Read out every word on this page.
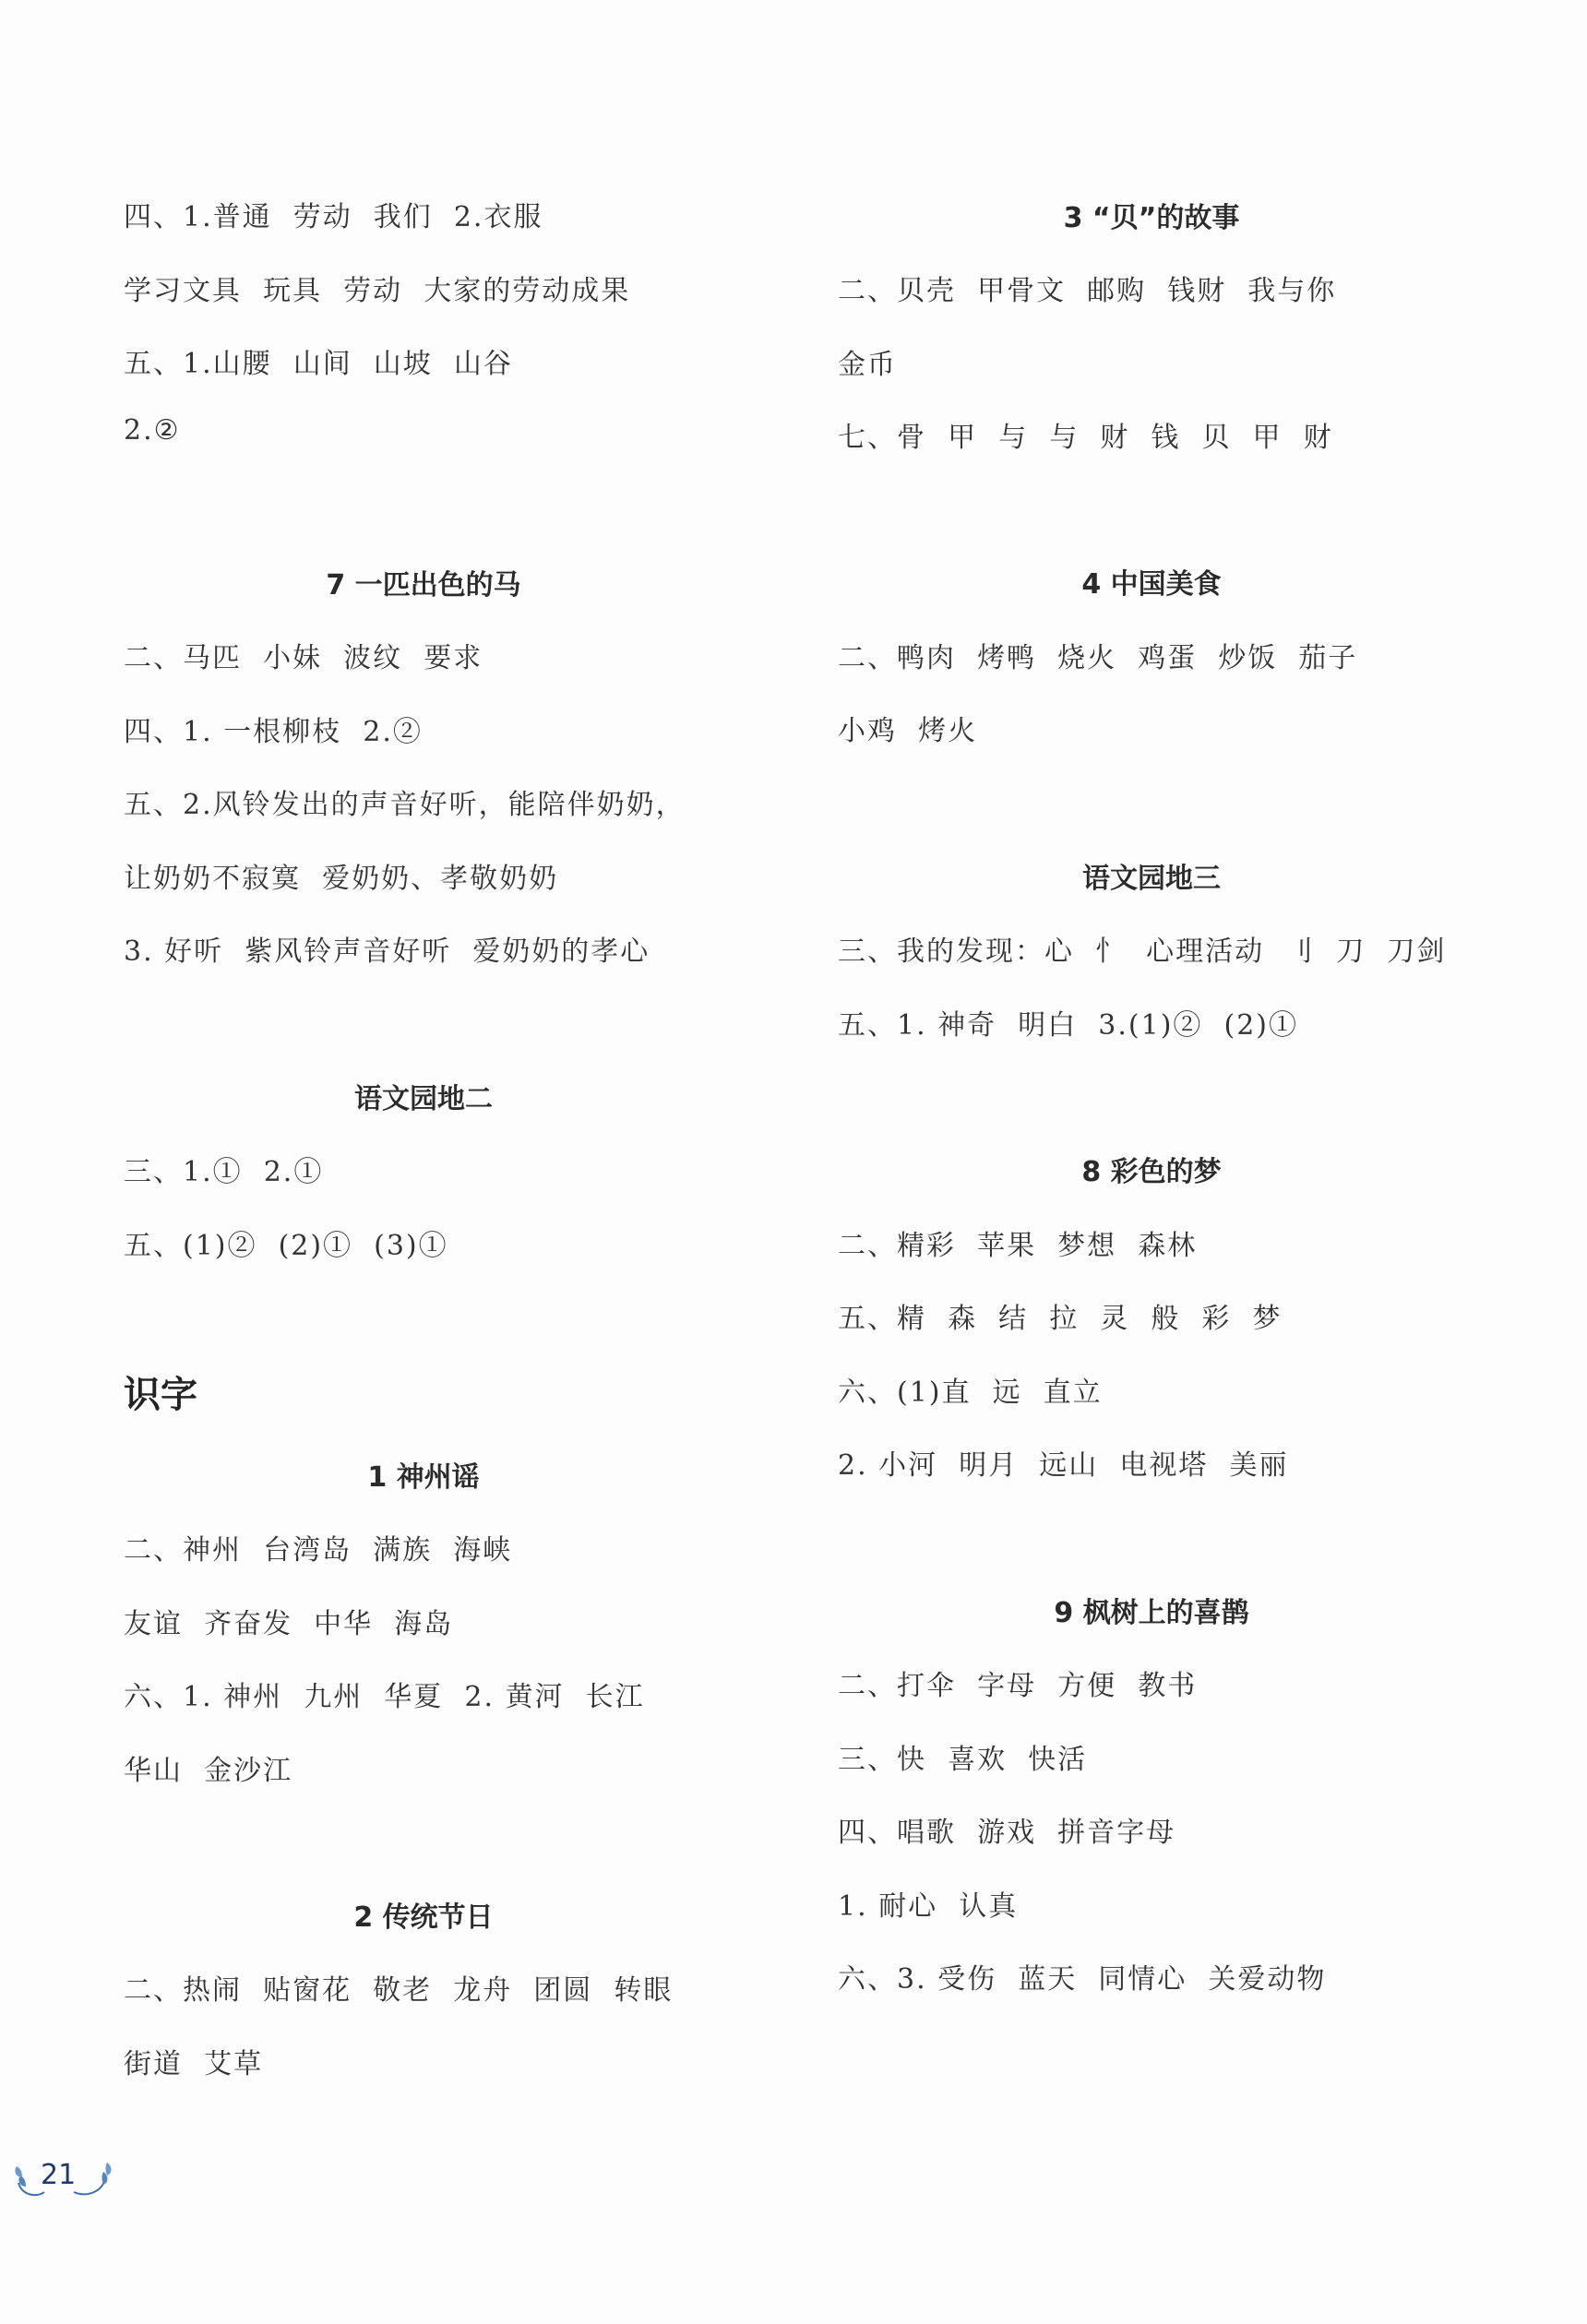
四、1.普通  劳动  我们  2.衣服
学习文具  玩具  劳动  大家的劳动成果
五、1.山腰  山间  山坡  山谷
2.②
7 一匹出色的马
二、马匹  小妹  波纹  要求
四、1. 一根柳枝  2.②
五、2.风铃发出的声音好听，能陪伴奶奶，
让奶奶不寂寞  爱奶奶、孝敬奶奶
3. 好听  紫风铃声音好听  爱奶奶的孝心
语文园地二
三、1.①  2.①
五、(1)②  (2)①  (3)①
1 神州谣
二、神州  台湾岛  满族  海峡
友谊  齐奋发  中华  海岛
六、1. 神州  九州  华夏  2. 黄河  长江
华山  金沙江
2 传统节日
二、热闹  贴窗花  敬老  龙舟  团圆  转眼
街道  艾草
识字
3 “贝”的故事
二、贝壳  甲骨文  邮购  钱财  我与你
金币
七、骨  甲  与  与  财  钱  贝  甲  财
4 中国美食
二、鸭肉  烤鸭  烧火  鸡蛋  炒饭  茄子
小鸡  烤火
语文园地三
三、我的发现：心  忄  心理活动  刂  刀  刀剑
五、1. 神奇  明白  3.(1)②  (2)①
8 彩色的梦
二、精彩  苹果  梦想  森林
五、精  森  结  拉  灵  般  彩  梦
六、(1)直  远  直立
2. 小河  明月  远山  电视塔  美丽
9 枫树上的喜鹊
二、打伞  字母  方便  教书
三、快  喜欢  快活
四、唱歌  游戏  拼音字母
1. 耐心  认真
六、3. 受伤  蓝天  同情心  关爱动物
21
